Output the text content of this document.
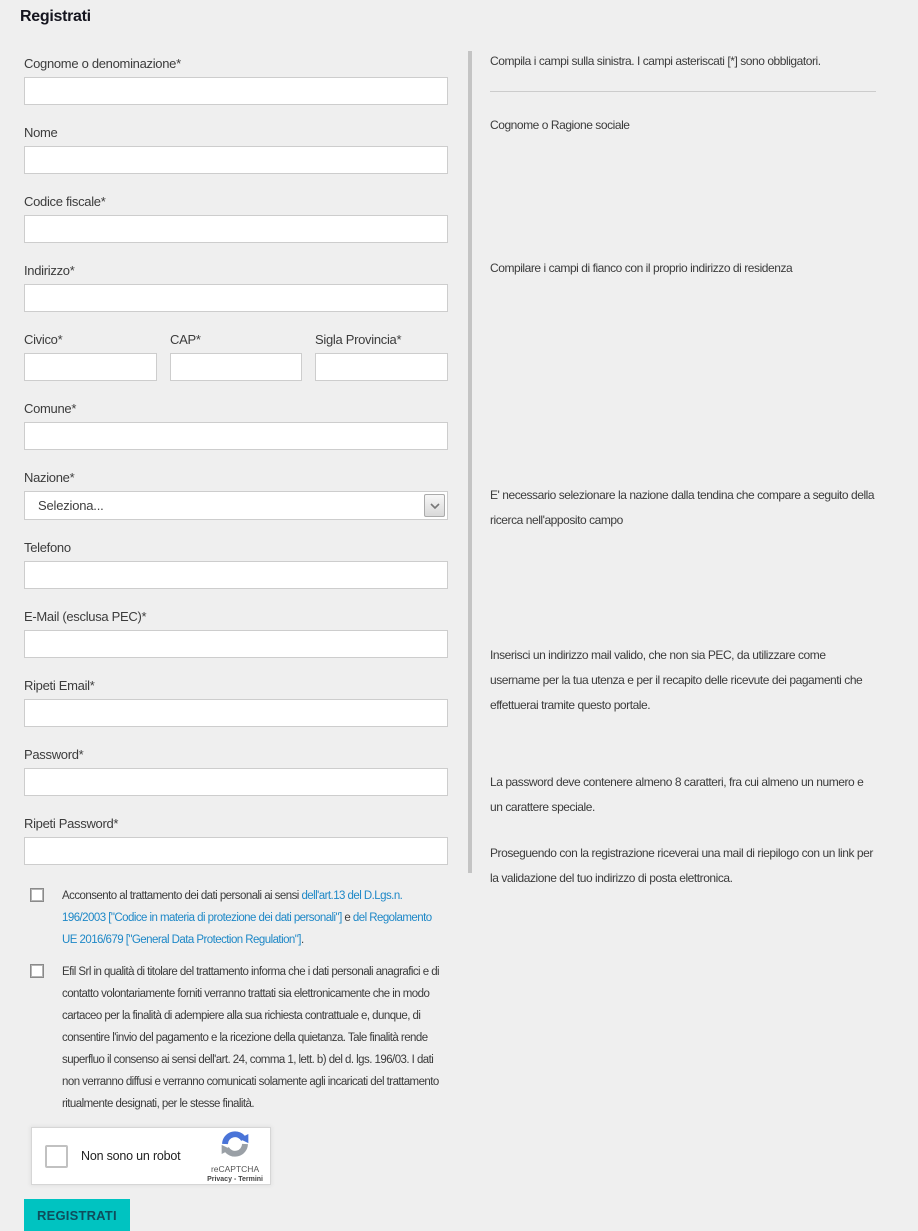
Registrati
Cognome o denominazione*
Nome
Codice fiscale*
Indirizzo*
Civico*	CAP*	Sigla Provincia*
Comune*
Nazione*
Seleziona...
Telefono
E-Mail (esclusa PEC)*
Ripeti Email*
Password*
Ripeti Password*
Acconsento al trattamento dei dati personali ai sensi dell'art.13 del D.Lgs.n. 196/2003 ["Codice in materia di protezione dei dati personali"] e del Regolamento UE 2016/679 ["General Data Protection Regulation"].
Efil Srl in qualità di titolare del trattamento informa che i dati personali anagrafici e di contatto volontariamente forniti verranno trattati sia elettronicamente che in modo cartaceo per la finalità di adempiere alla sua richiesta contrattuale e, dunque, di consentire l'invio del pagamento e la ricezione della quietanza. Tale finalità rende superfluo il consenso ai sensi dell'art. 24, comma 1, lett. b) del d. lgs. 196/03. I dati non verranno diffusi e verranno comunicati solamente agli incaricati del trattamento ritualmente designati, per le stesse finalità.
Non sono un robot
reCAPTCHA
Privacy - Termini
REGISTRATI
Compila i campi sulla sinistra. I campi asteriscati [*] sono obbligatori.
Cognome o Ragione sociale
Compilare i campi di fianco con il proprio indirizzo di residenza
E' necessario selezionare la nazione dalla tendina che compare a seguito della ricerca nell'apposito campo
Inserisci un indirizzo mail valido, che non sia PEC, da utilizzare come username per la tua utenza e per il recapito delle ricevute dei pagamenti che effettuerai tramite questo portale.
La password deve contenere almeno 8 caratteri, fra cui almeno un numero e un carattere speciale.
Proseguendo con la registrazione riceverai una mail di riepilogo con un link per la validazione del tuo indirizzo di posta elettronica.
